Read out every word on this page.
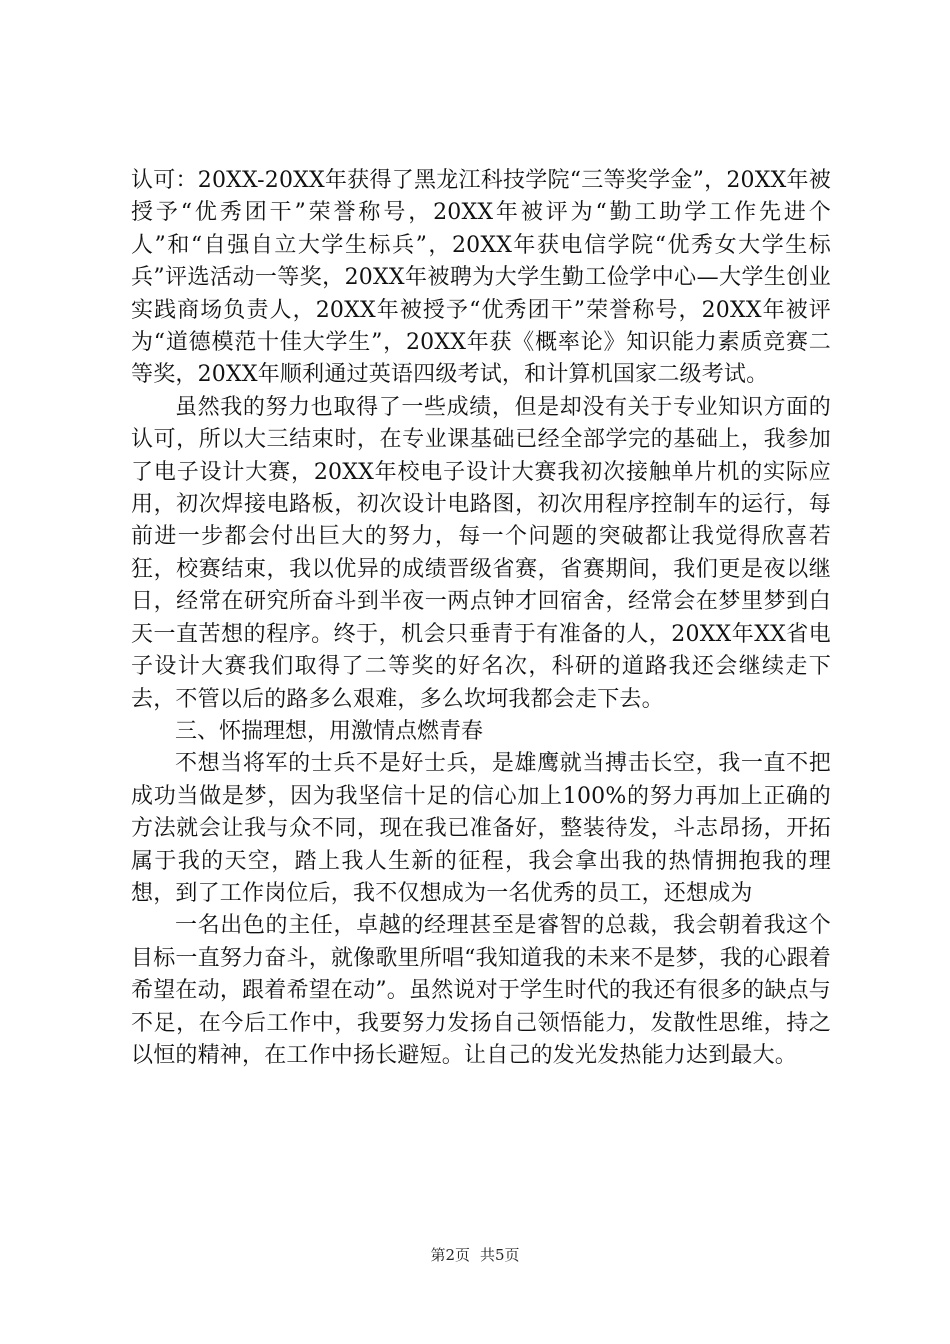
认可：20XX-20XX年获得了黑龙江科技学院“三等奖学金”，20XX年被授予“优秀团干”荣誉称号，20XX年被评为“勤工助学工作先进个人”和“自强自立大学生标兵”，20XX年获电信学院“优秀女大学生标兵”评选活动一等奖，20XX年被聘为大学生勤工俭学中心—大学生创业实践商场负责人，20XX年被授予“优秀团干”荣誉称号，20XX年被评为“道德模范十佳大学生”，20XX年获《概率论》知识能力素质竞赛二等奖，20XX年顺利通过英语四级考试，和计算机国家二级考试。

虽然我的努力也取得了一些成绩，但是却没有关于专业知识方面的认可，所以大三结束时，在专业课基础已经全部学完的基础上，我参加了电子设计大赛，20XX年校电子设计大赛我初次接触单片机的实际应用，初次焊接电路板，初次设计电路图，初次用程序控制车的运行，每前进一步都会付出巨大的努力，每一个问题的突破都让我觉得欣喜若狂，校赛结束，我以优异的成绩晋级省赛，省赛期间，我们更是夜以继日，经常在研究所奋斗到半夜一两点钟才回宿舍，经常会在梦里梦到白天一直苦想的程序。终于，机会只垂青于有准备的人，20XX年XX省电子设计大赛我们取得了二等奖的好名次，科研的道路我还会继续走下去，不管以后的路多么艰难，多么坎坷我都会走下去。

三、怀揣理想，用激情点燃青春

不想当将军的士兵不是好士兵，是雄鹰就当搏击长空，我一直不把成功当做是梦，因为我坚信十足的信心加上100%的努力再加上正确的方法就会让我与众不同，现在我已准备好，整装待发，斗志昂扬，开拓属于我的天空，踏上我人生新的征程，我会拿出我的热情拥抱我的理想，到了工作岗位后，我不仅想成为一名优秀的员工，还想成为

一名出色的主任，卓越的经理甚至是睿智的总裁，我会朝着我这个目标一直努力奋斗，就像歌里所唱“我知道我的未来不是梦，我的心跟着希望在动，跟着希望在动”。虽然说对于学生时代的我还有很多的缺点与不足，在今后工作中，我要努力发扬自己领悟能力，发散性思维，持之以恒的精神，在工作中扬长避短。让自己的发光发热能力达到最大。

第2页 共5页
